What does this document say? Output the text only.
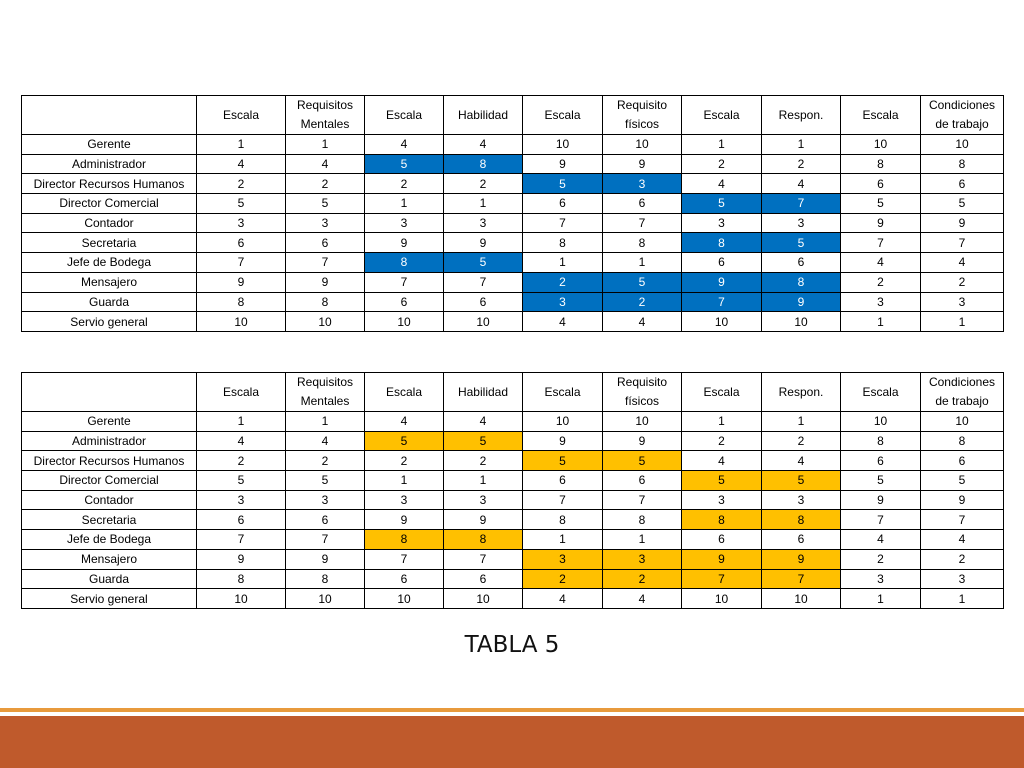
	Escala	Requisitos Mentales	Escala	Habilidad	Escala	Requisito físicos	Escala	Respon.	Escala	Condiciones de trabajo
Gerente	1	1	4	4	10	10	1	1	10	10
Administrador	4	4	5	8	9	9	2	2	8	8
Director Recursos Humanos	2	2	2	2	5	3	4	4	6	6
Director Comercial	5	5	1	1	6	6	5	7	5	5
Contador	3	3	3	3	7	7	3	3	9	9
Secretaria	6	6	9	9	8	8	8	5	7	7
Jefe de Bodega	7	7	8	5	1	1	6	6	4	4
Mensajero	9	9	7	7	2	5	9	8	2	2
Guarda	8	8	6	6	3	2	7	9	3	3
Servio general	10	10	10	10	4	4	10	10	1	1
	Escala	Requisitos Mentales	Escala	Habilidad	Escala	Requisito físicos	Escala	Respon.	Escala	Condiciones de trabajo
Gerente	1	1	4	4	10	10	1	1	10	10
Administrador	4	4	5	5	9	9	2	2	8	8
Director Recursos Humanos	2	2	2	2	5	5	4	4	6	6
Director Comercial	5	5	1	1	6	6	5	5	5	5
Contador	3	3	3	3	7	7	3	3	9	9
Secretaria	6	6	9	9	8	8	8	8	7	7
Jefe de Bodega	7	7	8	8	1	1	6	6	4	4
Mensajero	9	9	7	7	3	3	9	9	2	2
Guarda	8	8	6	6	2	2	7	7	3	3
Servio general	10	10	10	10	4	4	10	10	1	1
TABLA 5
